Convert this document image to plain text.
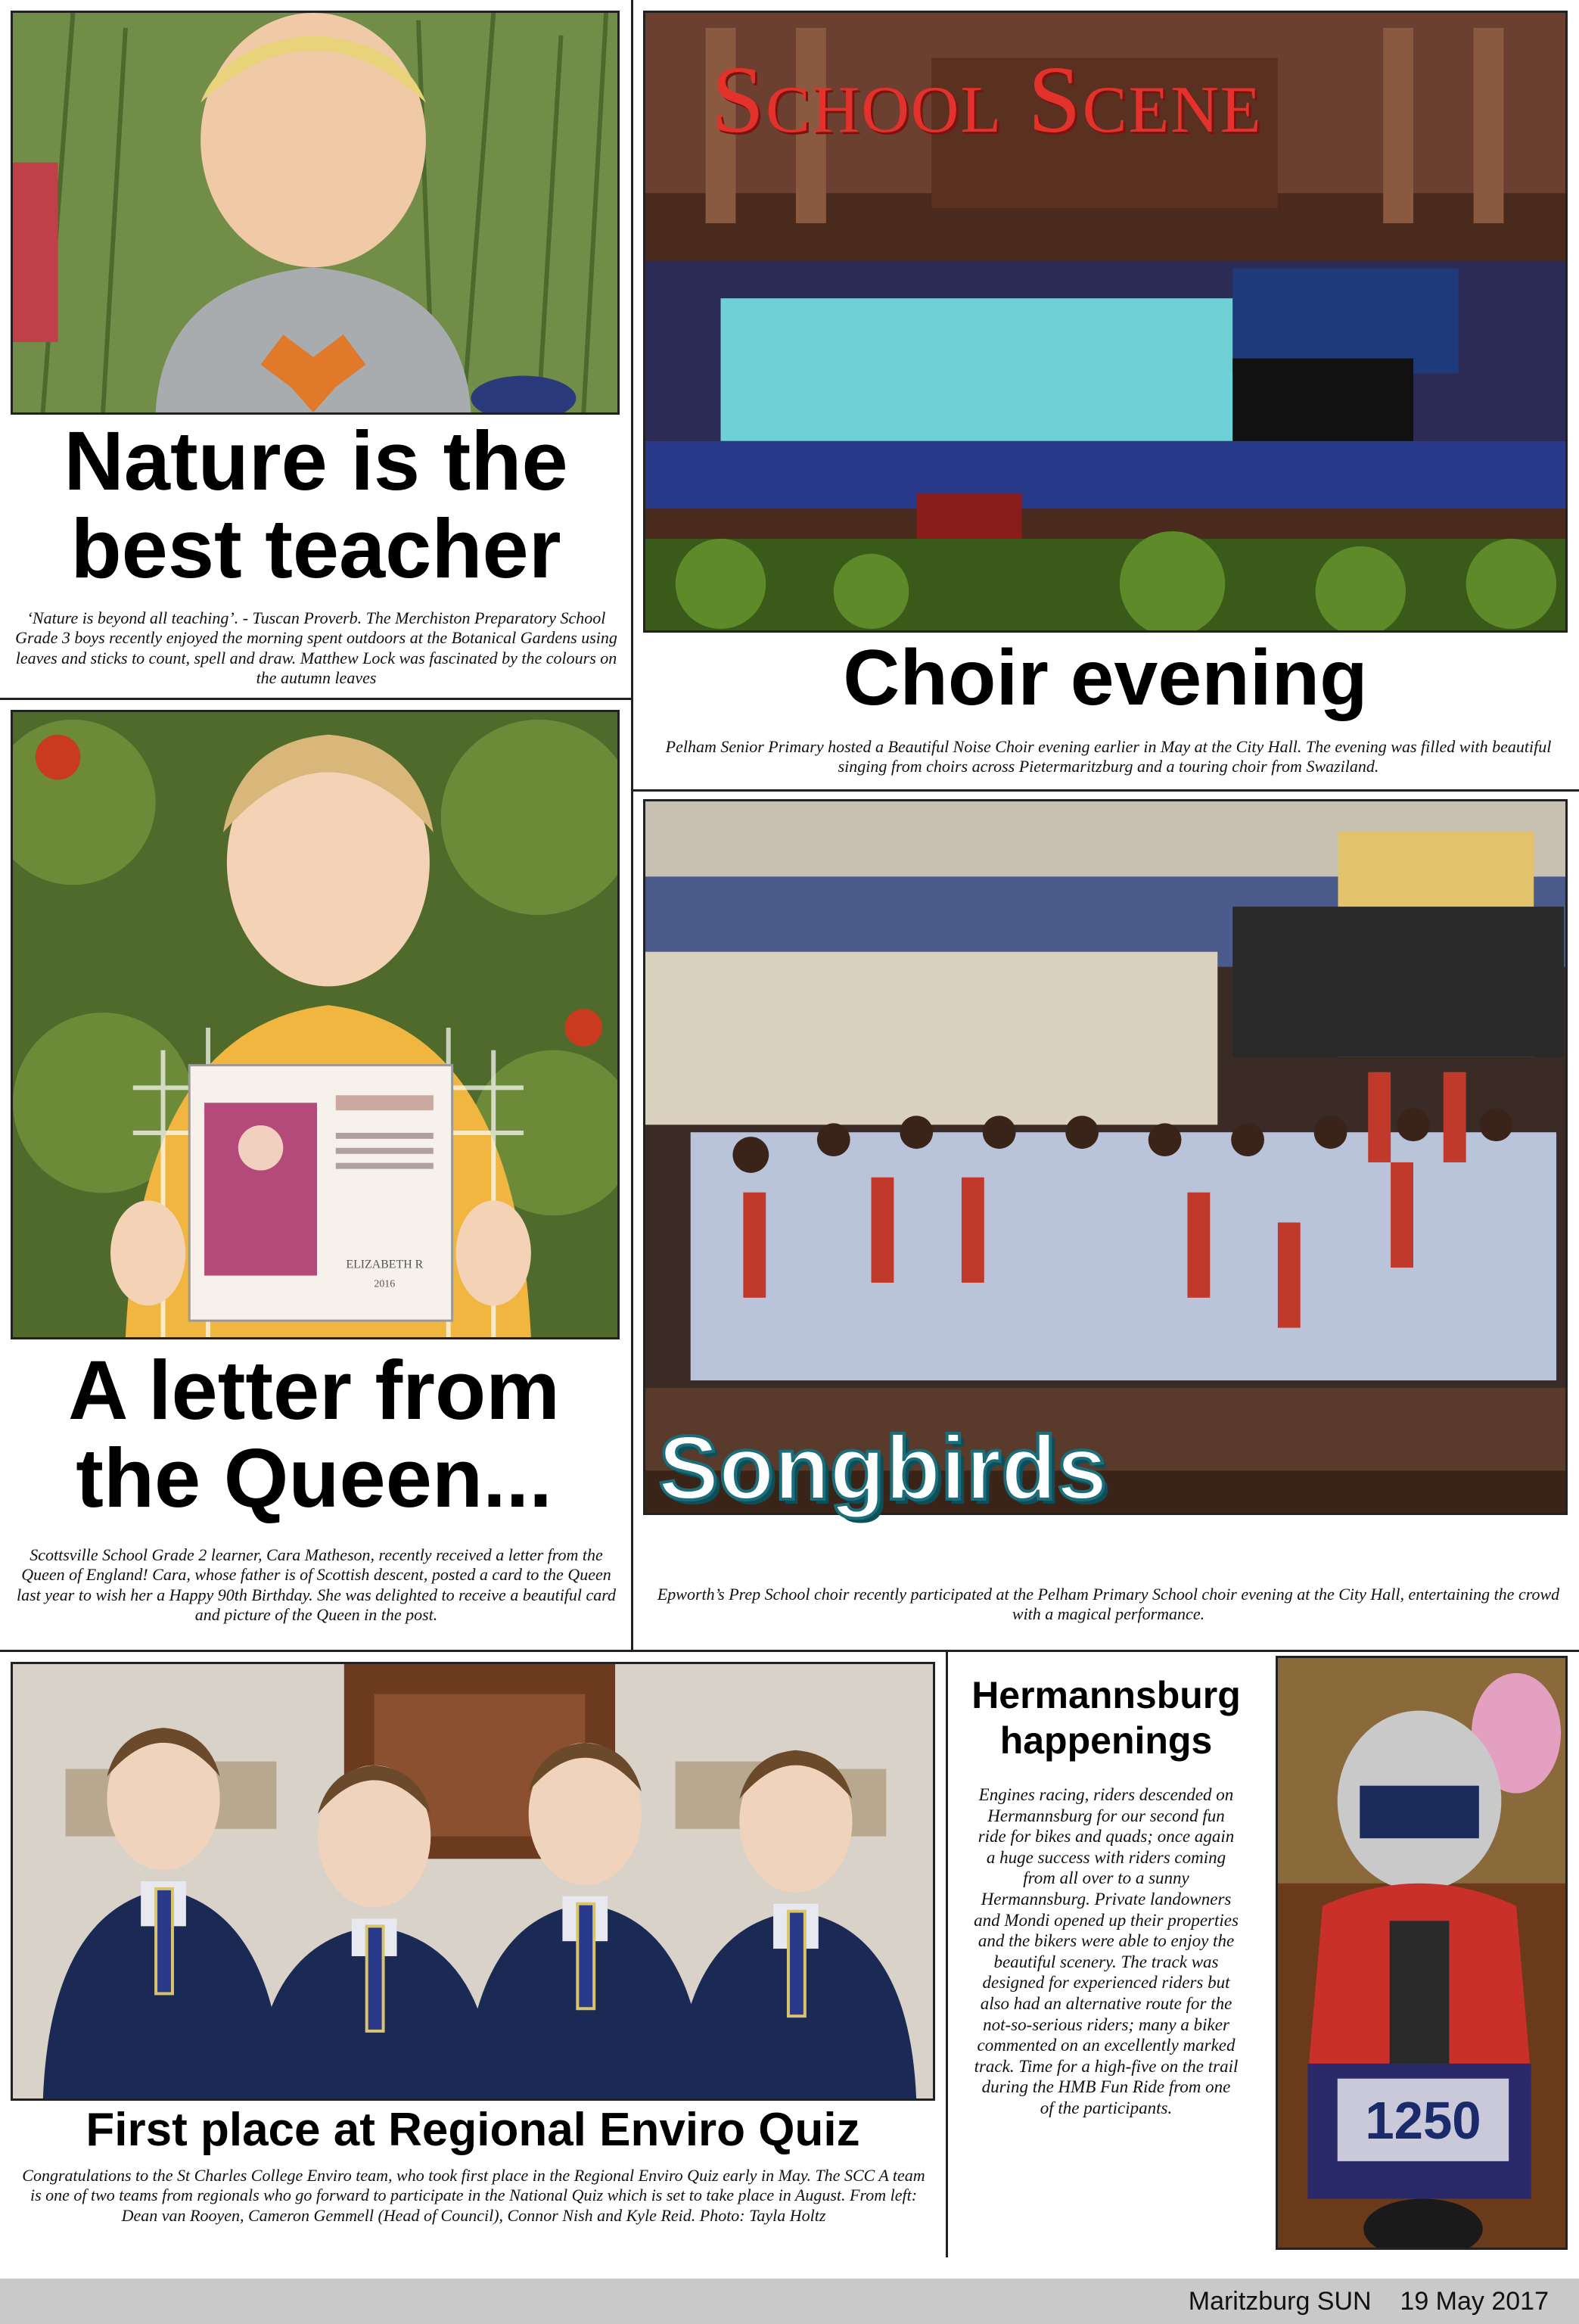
Nature is the best teacher

‘Nature is beyond all teaching’. - Tuscan Proverb. The Merchiston Preparatory School Grade 3 boys recently enjoyed the morning spent outdoors at the Botanical Gardens using leaves and sticks to count, spell and draw. Matthew Lock was fascinated by the colours on the autumn leaves

School Scene
Choir evening

Pelham Senior Primary hosted a Beautiful Noise Choir evening earlier in May at the City Hall. The evening was filled with beautiful singing from choirs across Pietermaritzburg and a touring choir from Swaziland.

ELIZABETH R
2016
A letter from the Queen...

Scottsville School Grade 2 learner, Cara Matheson, recently received a letter from the Queen of England! Cara, whose father is of Scottish descent, posted a card to the Queen last year to wish her a Happy 90th Birthday. She was delighted to receive a beautiful card and picture of the Queen in the post.

Songbirds

Epworth’s Prep School choir recently participated at the Pelham Primary School choir evening at the City Hall, entertaining the crowd with a magical performance.

First place at Regional Enviro Quiz

Congratulations to the St Charles College Enviro team, who took first place in the Regional Enviro Quiz early in May. The SCC A team is one of two teams from regionals who go forward to participate in the National Quiz which is set to take place in August. From left: Dean van Rooyen, Cameron Gemmell (Head of Council), Connor Nish and Kyle Reid. Photo: Tayla Holtz

Hermannsburg happenings

Engines racing, riders descended on Hermannsburg for our second fun ride for bikes and quads; once again a huge success with riders coming from all over to a sunny Hermannsburg. Private landowners and Mondi opened up their properties and the bikers were able to enjoy the beautiful scenery. The track was designed for experienced riders but also had an alternative route for the not-so-serious riders; many a biker commented on an excellently marked track. Time for a high-five on the trail during the HMB Fun Ride from one of the participants.	1250
Maritzburg SUN 19 May 2017
